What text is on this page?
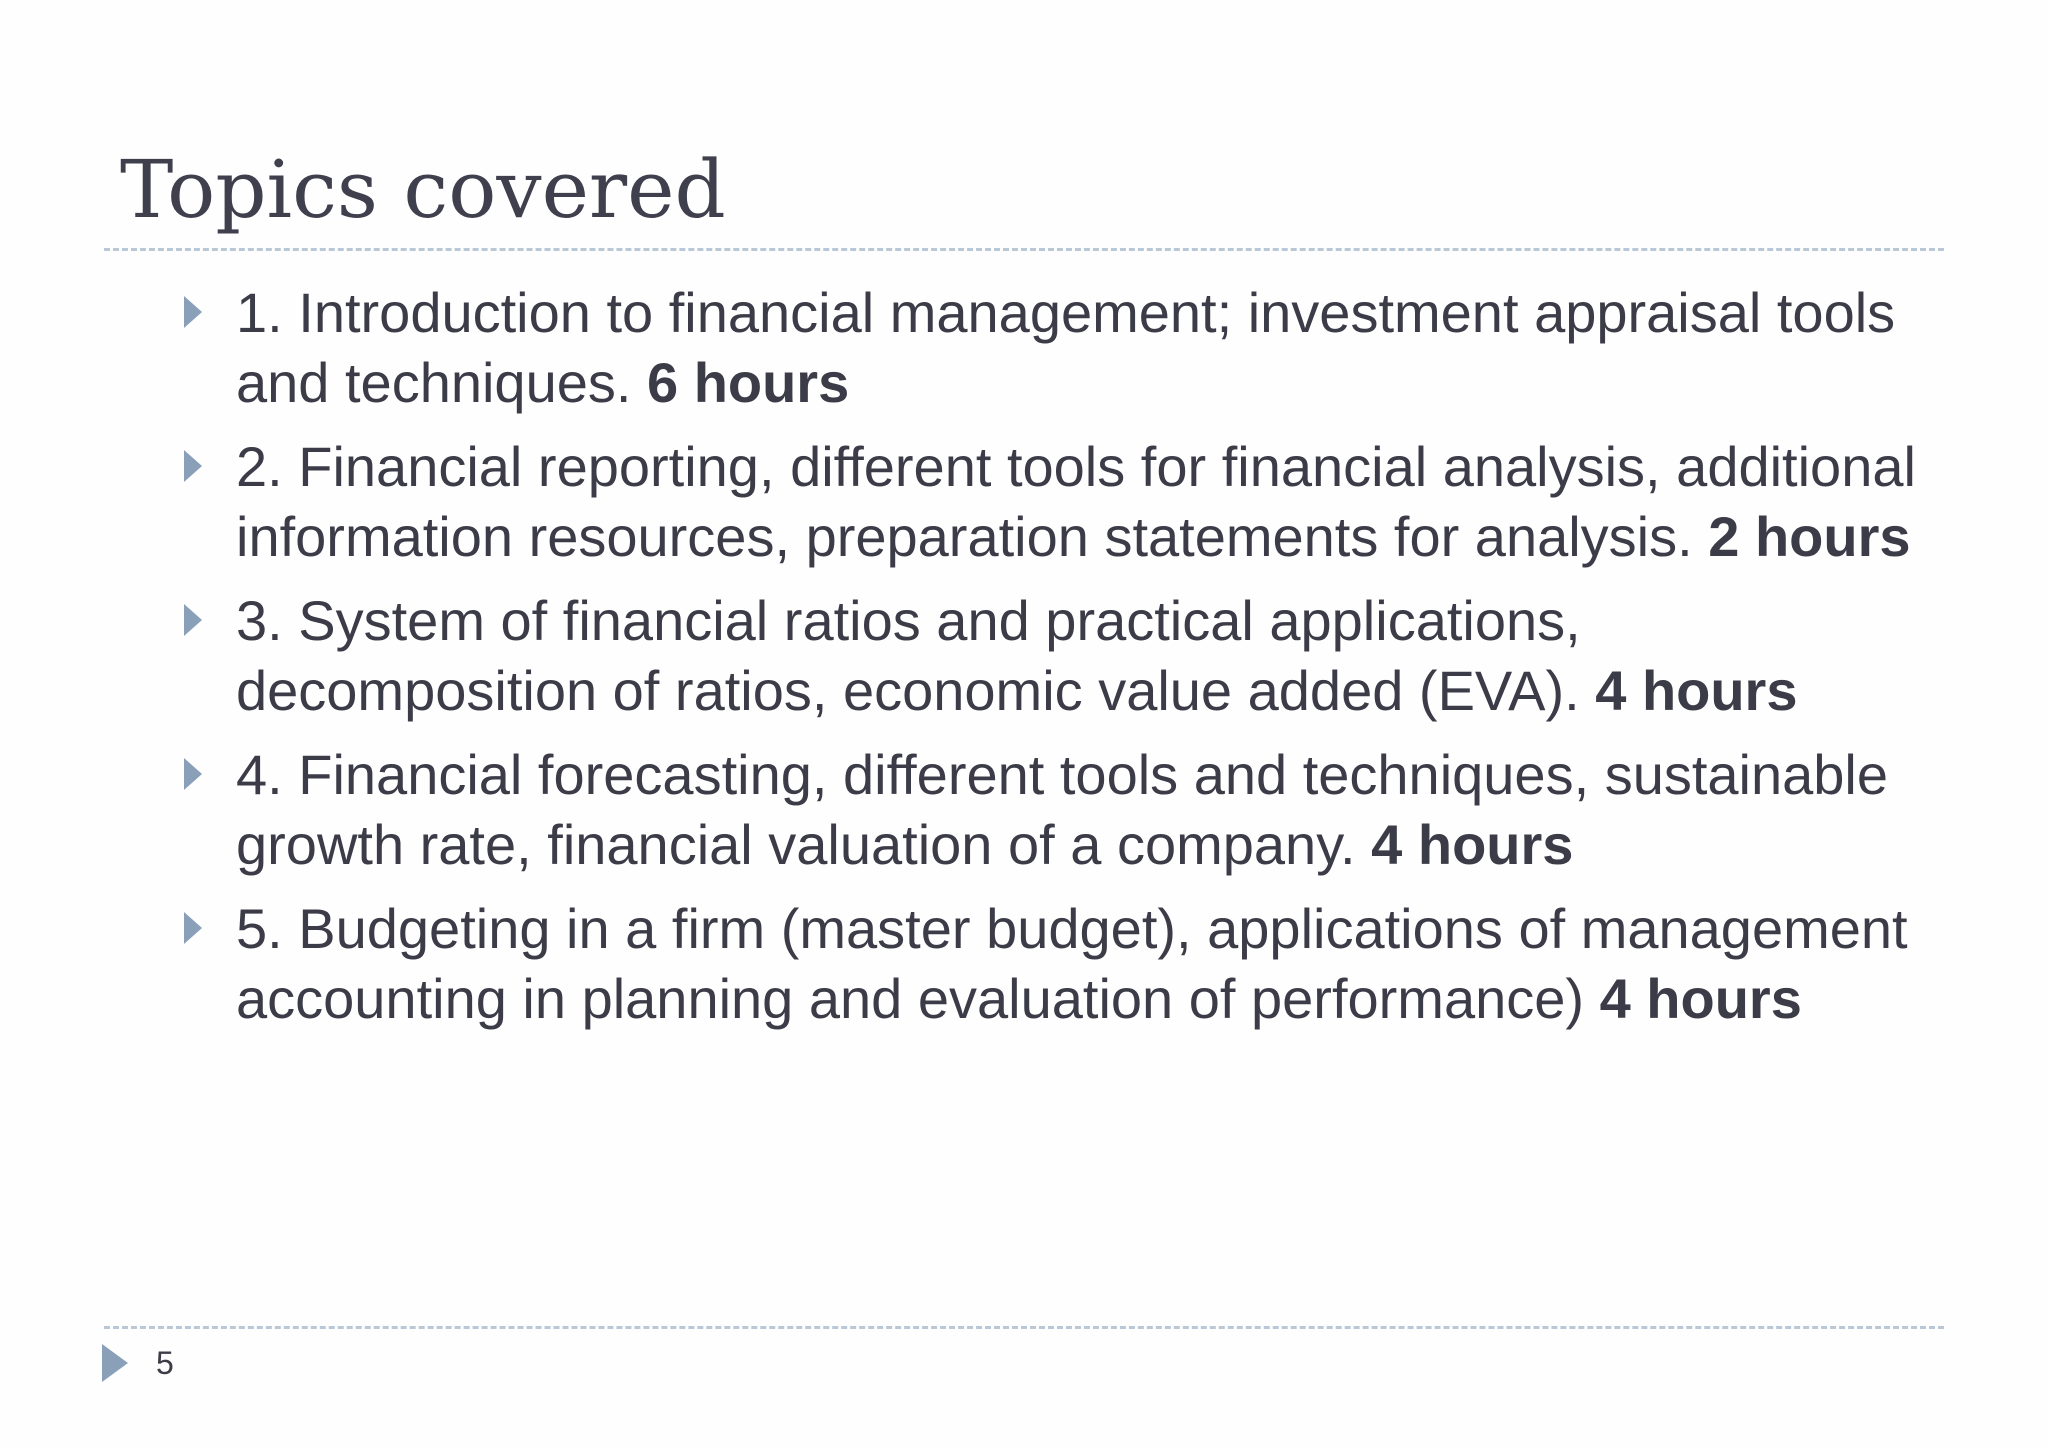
Topics covered
1. Introduction to financial management; investment appraisal tools and techniques. 6 hours
2. Financial reporting, different tools for financial analysis, additional information resources, preparation statements for analysis. 2 hours
3. System of financial ratios and practical applications, decomposition of ratios, economic value added (EVA). 4 hours
4. Financial forecasting, different tools and techniques, sustainable growth rate, financial valuation of a company. 4 hours
5. Budgeting in a firm (master budget), applications of management accounting in planning and evaluation of performance) 4 hours
5
